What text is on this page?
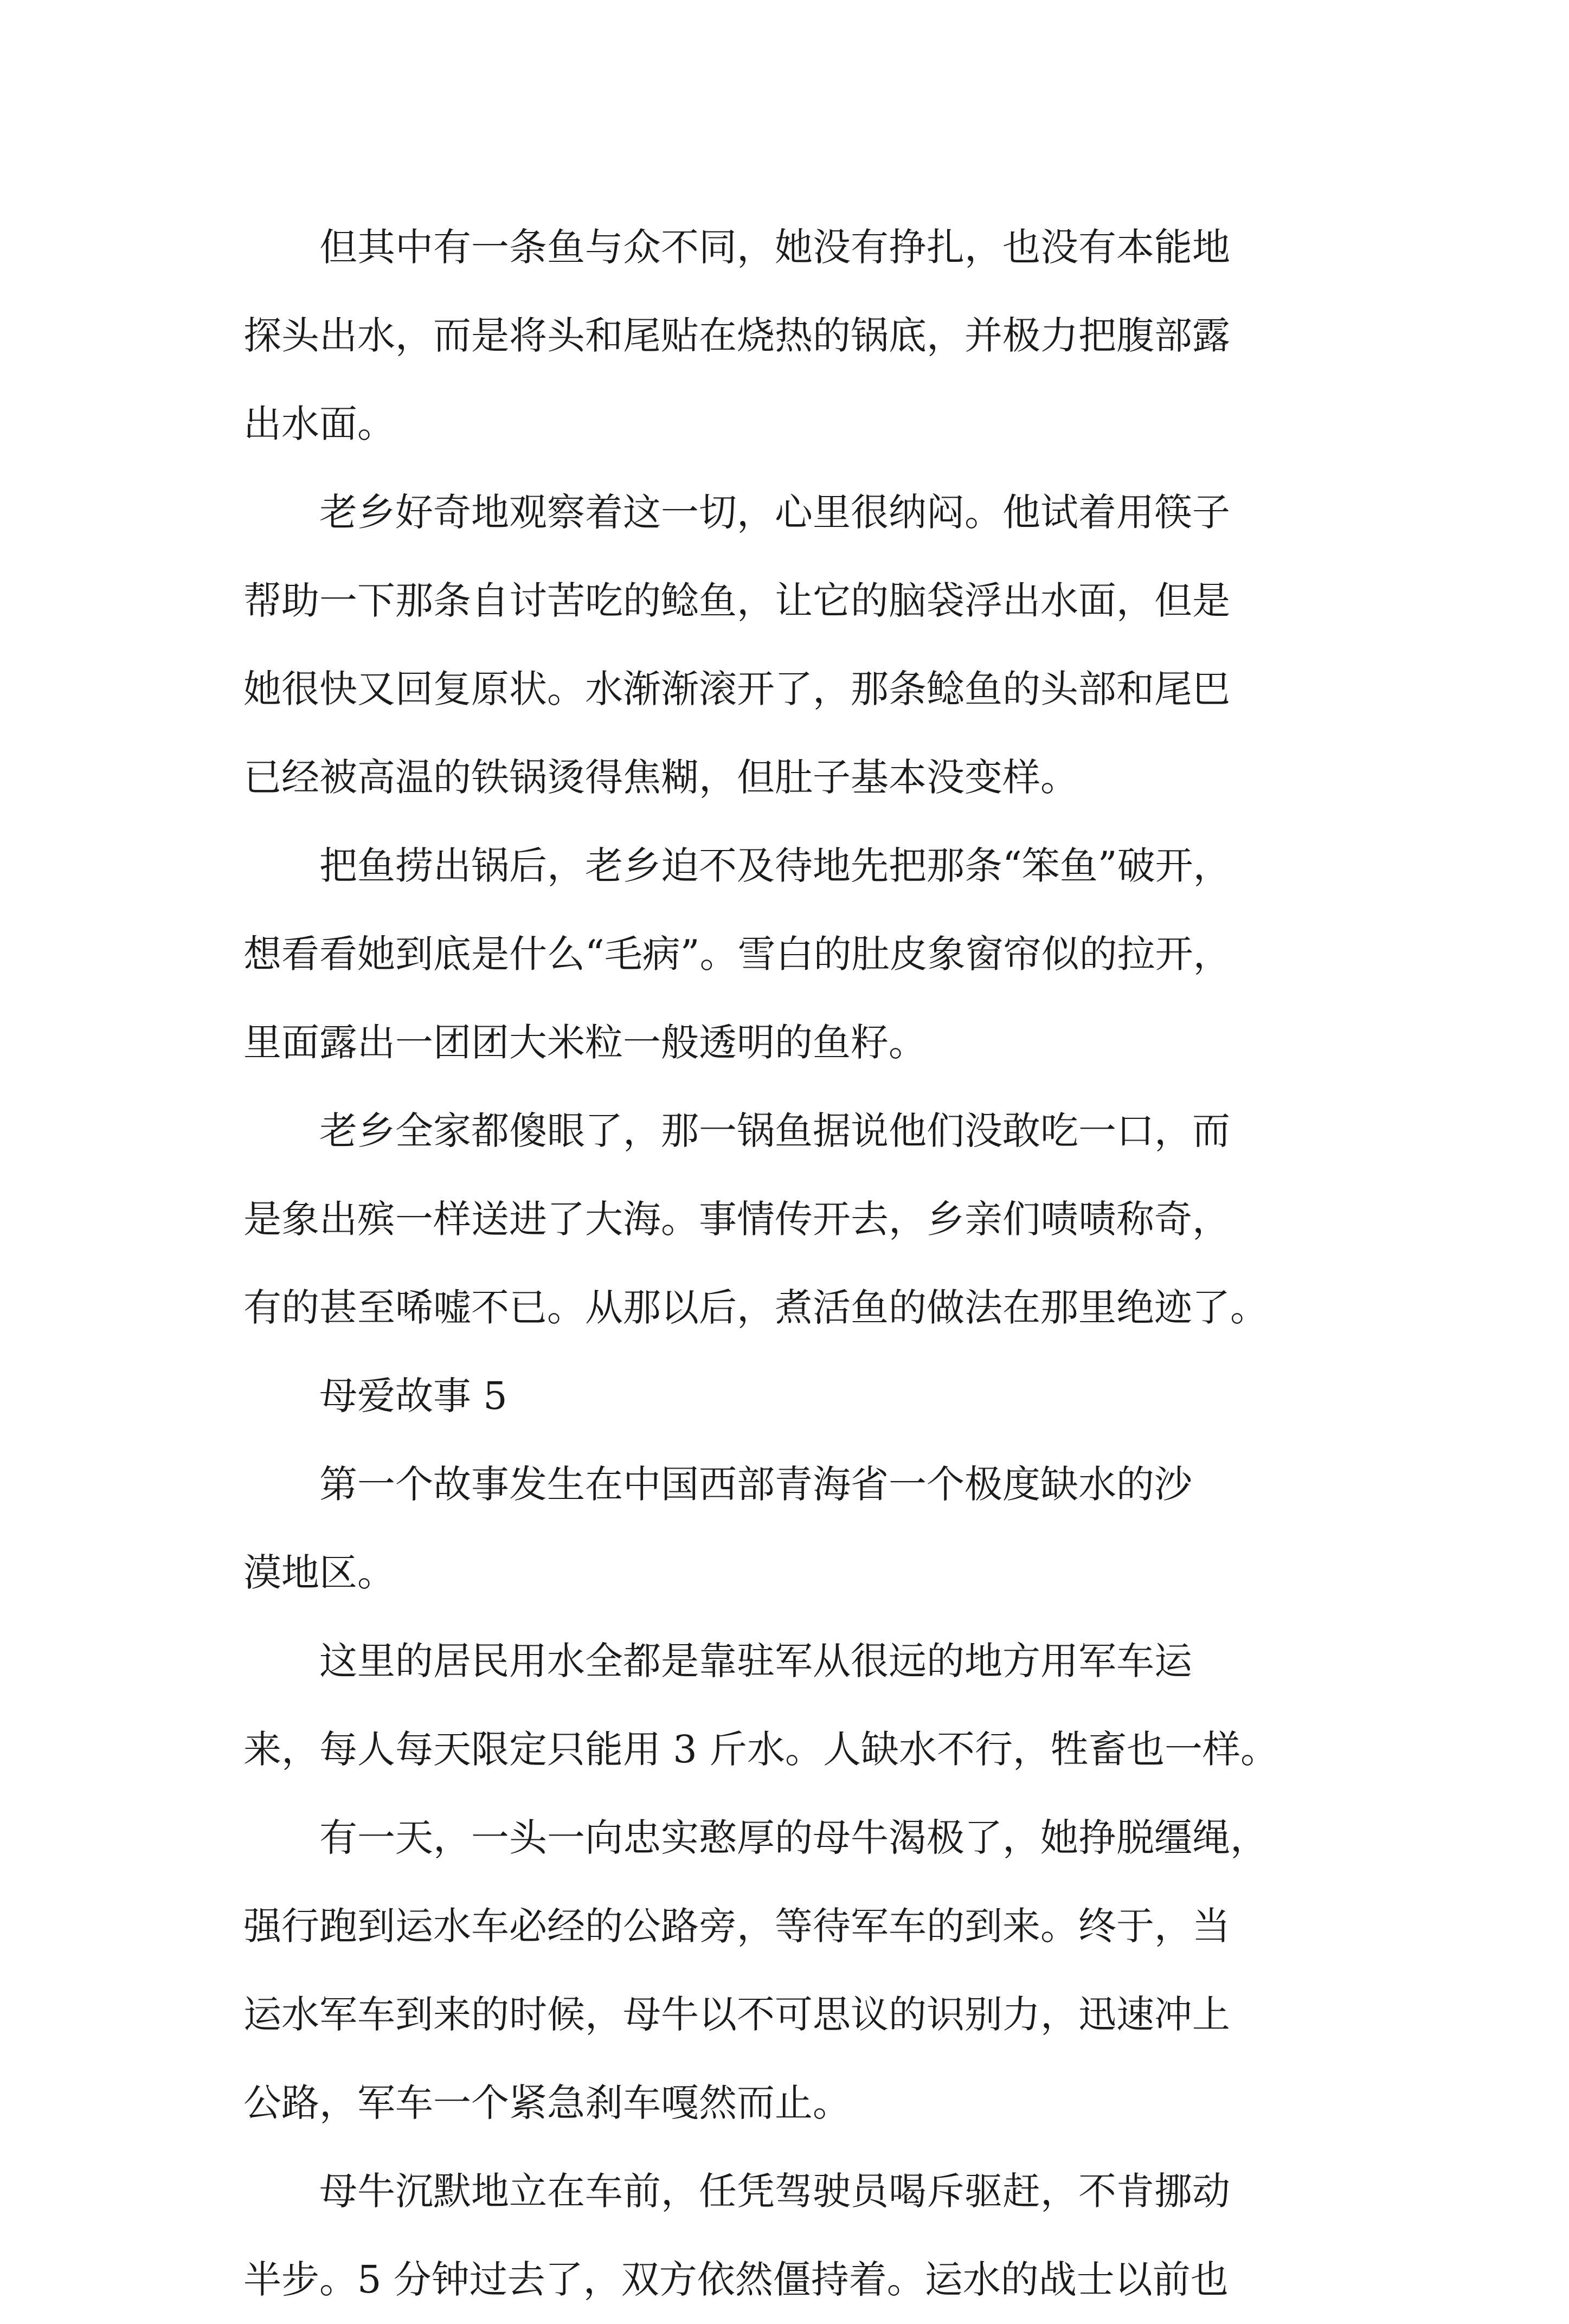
　　但其中有一条鱼与众不同，她没有挣扎，也没有本能地
探头出水，而是将头和尾贴在烧热的锅底，并极力把腹部露
出水面。
　　老乡好奇地观察着这一切，心里很纳闷。他试着用筷子
帮助一下那条自讨苦吃的鲶鱼，让它的脑袋浮出水面，但是
她很快又回复原状。水渐渐滚开了，那条鲶鱼的头部和尾巴
已经被高温的铁锅烫得焦糊，但肚子基本没变样。
　　把鱼捞出锅后，老乡迫不及待地先把那条“笨鱼”破开，
想看看她到底是什么“毛病”。雪白的肚皮象窗帘似的拉开，
里面露出一团团大米粒一般透明的鱼籽。
　　老乡全家都傻眼了，那一锅鱼据说他们没敢吃一口，而
是象出殡一样送进了大海。事情传开去，乡亲们啧啧称奇，
有的甚至唏嘘不已。从那以后，煮活鱼的做法在那里绝迹了。
　　母爱故事 5
　　第一个故事发生在中国西部青海省一个极度缺水的沙
漠地区。
　　这里的居民用水全都是靠驻军从很远的地方用军车运
来，每人每天限定只能用 3 斤水。人缺水不行，牲畜也一样。
　　有一天，一头一向忠实憨厚的母牛渴极了，她挣脱缰绳，
强行跑到运水车必经的公路旁，等待军车的到来。终于，当
运水军车到来的时候，母牛以不可思议的识别力，迅速冲上
公路，军车一个紧急刹车嘎然而止。
　　母牛沉默地立在车前，任凭驾驶员喝斥驱赶，不肯挪动
半步。5 分钟过去了，双方依然僵持着。运水的战士以前也
